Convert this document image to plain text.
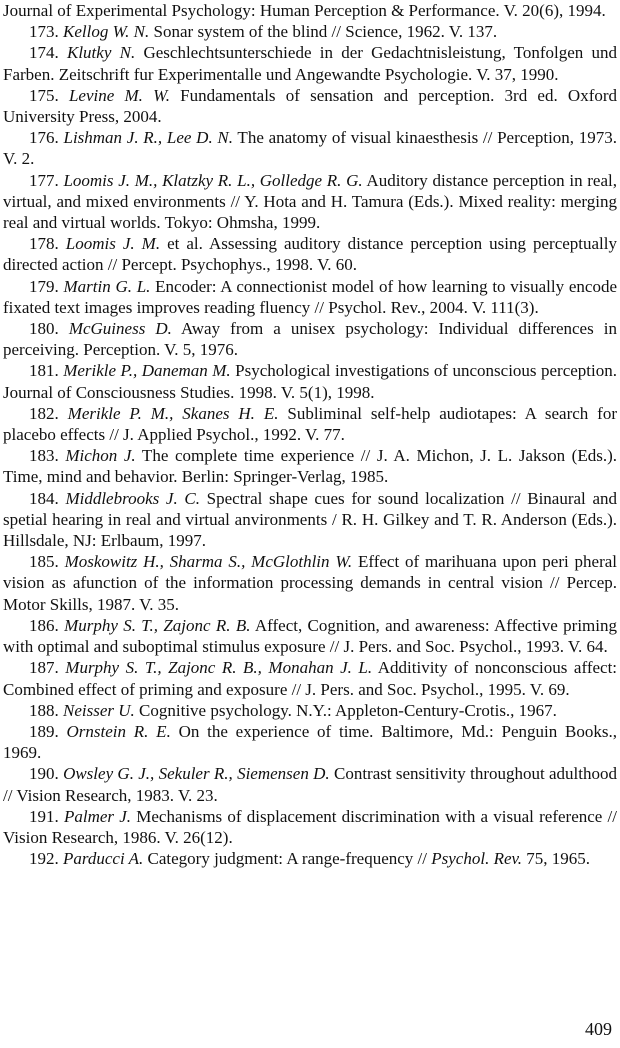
Journal of Experimental Psychology: Human Perception & Performance. V. 20(6), 1994.

173. Kellog W. N. Sonar system of the blind // Science, 1962. V. 137.

174. Klutky N. Geschlechtsunterschiede in der Gedachtnisleistung, Tonfolgen und Farben. Zeitschrift fur Experimentalle und Angewandte Psychologie. V. 37, 1990.

175. Levine M. W. Fundamentals of sensation and perception. 3rd ed. Oxford University Press, 2004.

176. Lishman J. R., Lee D. N. The anatomy of visual kinaesthesis // Perception, 1973. V. 2.

177. Loomis J. M., Klatzky R. L., Golledge R. G. Auditory distance perception in real, virtual, and mixed environments // Y. Hota and H. Tamura (Eds.). Mixed reality: merging real and virtual worlds. Tokyo: Ohmsha, 1999.

178. Loomis J. M. et al. Assessing auditory distance perception using perceptually directed action // Percept. Psychophys., 1998. V. 60.

179. Martin G. L. Encoder: A connectionist model of how learning to visually encode fixated text images improves reading fluency // Psychol. Rev., 2004. V. 111(3).

180. McGuiness D. Away from a unisex psychology: Individual differences in perceiving. Perception. V. 5, 1976.

181. Merikle P., Daneman M. Psychological investigations of unconscious perception. Journal of Consciousness Studies. 1998. V. 5(1), 1998.

182. Merikle P. M., Skanes H. E. Subliminal self-help audiotapes: A search for placebo effects // J. Applied Psychol., 1992. V. 77.

183. Michon J. The complete time experience // J. A. Michon, J. L. Jakson (Eds.). Time, mind and behavior. Berlin: Springer-Verlag, 1985.

184. Middlebrooks J. C. Spectral shape cues for sound localization // Binaural and spetial hearing in real and virtual anvironments / R. H. Gilkey and T. R. Anderson (Eds.). Hillsdale, NJ: Erlbaum, 1997.

185. Moskowitz H., Sharma S., McGlothlin W. Effect of marihuana upon peri pheral vision as afunction of the information processing demands in central vision // Percep. Motor Skills, 1987. V. 35.

186. Murphy S. T., Zajonc R. B. Affect, Cognition, and awareness: Affective priming with optimal and suboptimal stimulus exposure // J. Pers. and Soc. Psychol., 1993. V. 64.

187. Murphy S. T., Zajonc R. B., Monahan J. L. Additivity of nonconscious affect: Combined effect of priming and exposure // J. Pers. and Soc. Psychol., 1995. V. 69.

188. Neisser U. Cognitive psychology. N.Y.: Appleton-Century-Crotis., 1967.

189. Ornstein R. E. On the experience of time. Baltimore, Md.: Penguin Books., 1969.

190. Owsley G. J., Sekuler R., Siemensen D. Contrast sensitivity throughout adulthood // Vision Research, 1983. V. 23.

191. Palmer J. Mechanisms of displacement discrimination with a visual reference // Vision Research, 1986. V. 26(12).

192. Parducci A. Category judgment: A range-frequency // Psychol. Rev. 75, 1965.

409
